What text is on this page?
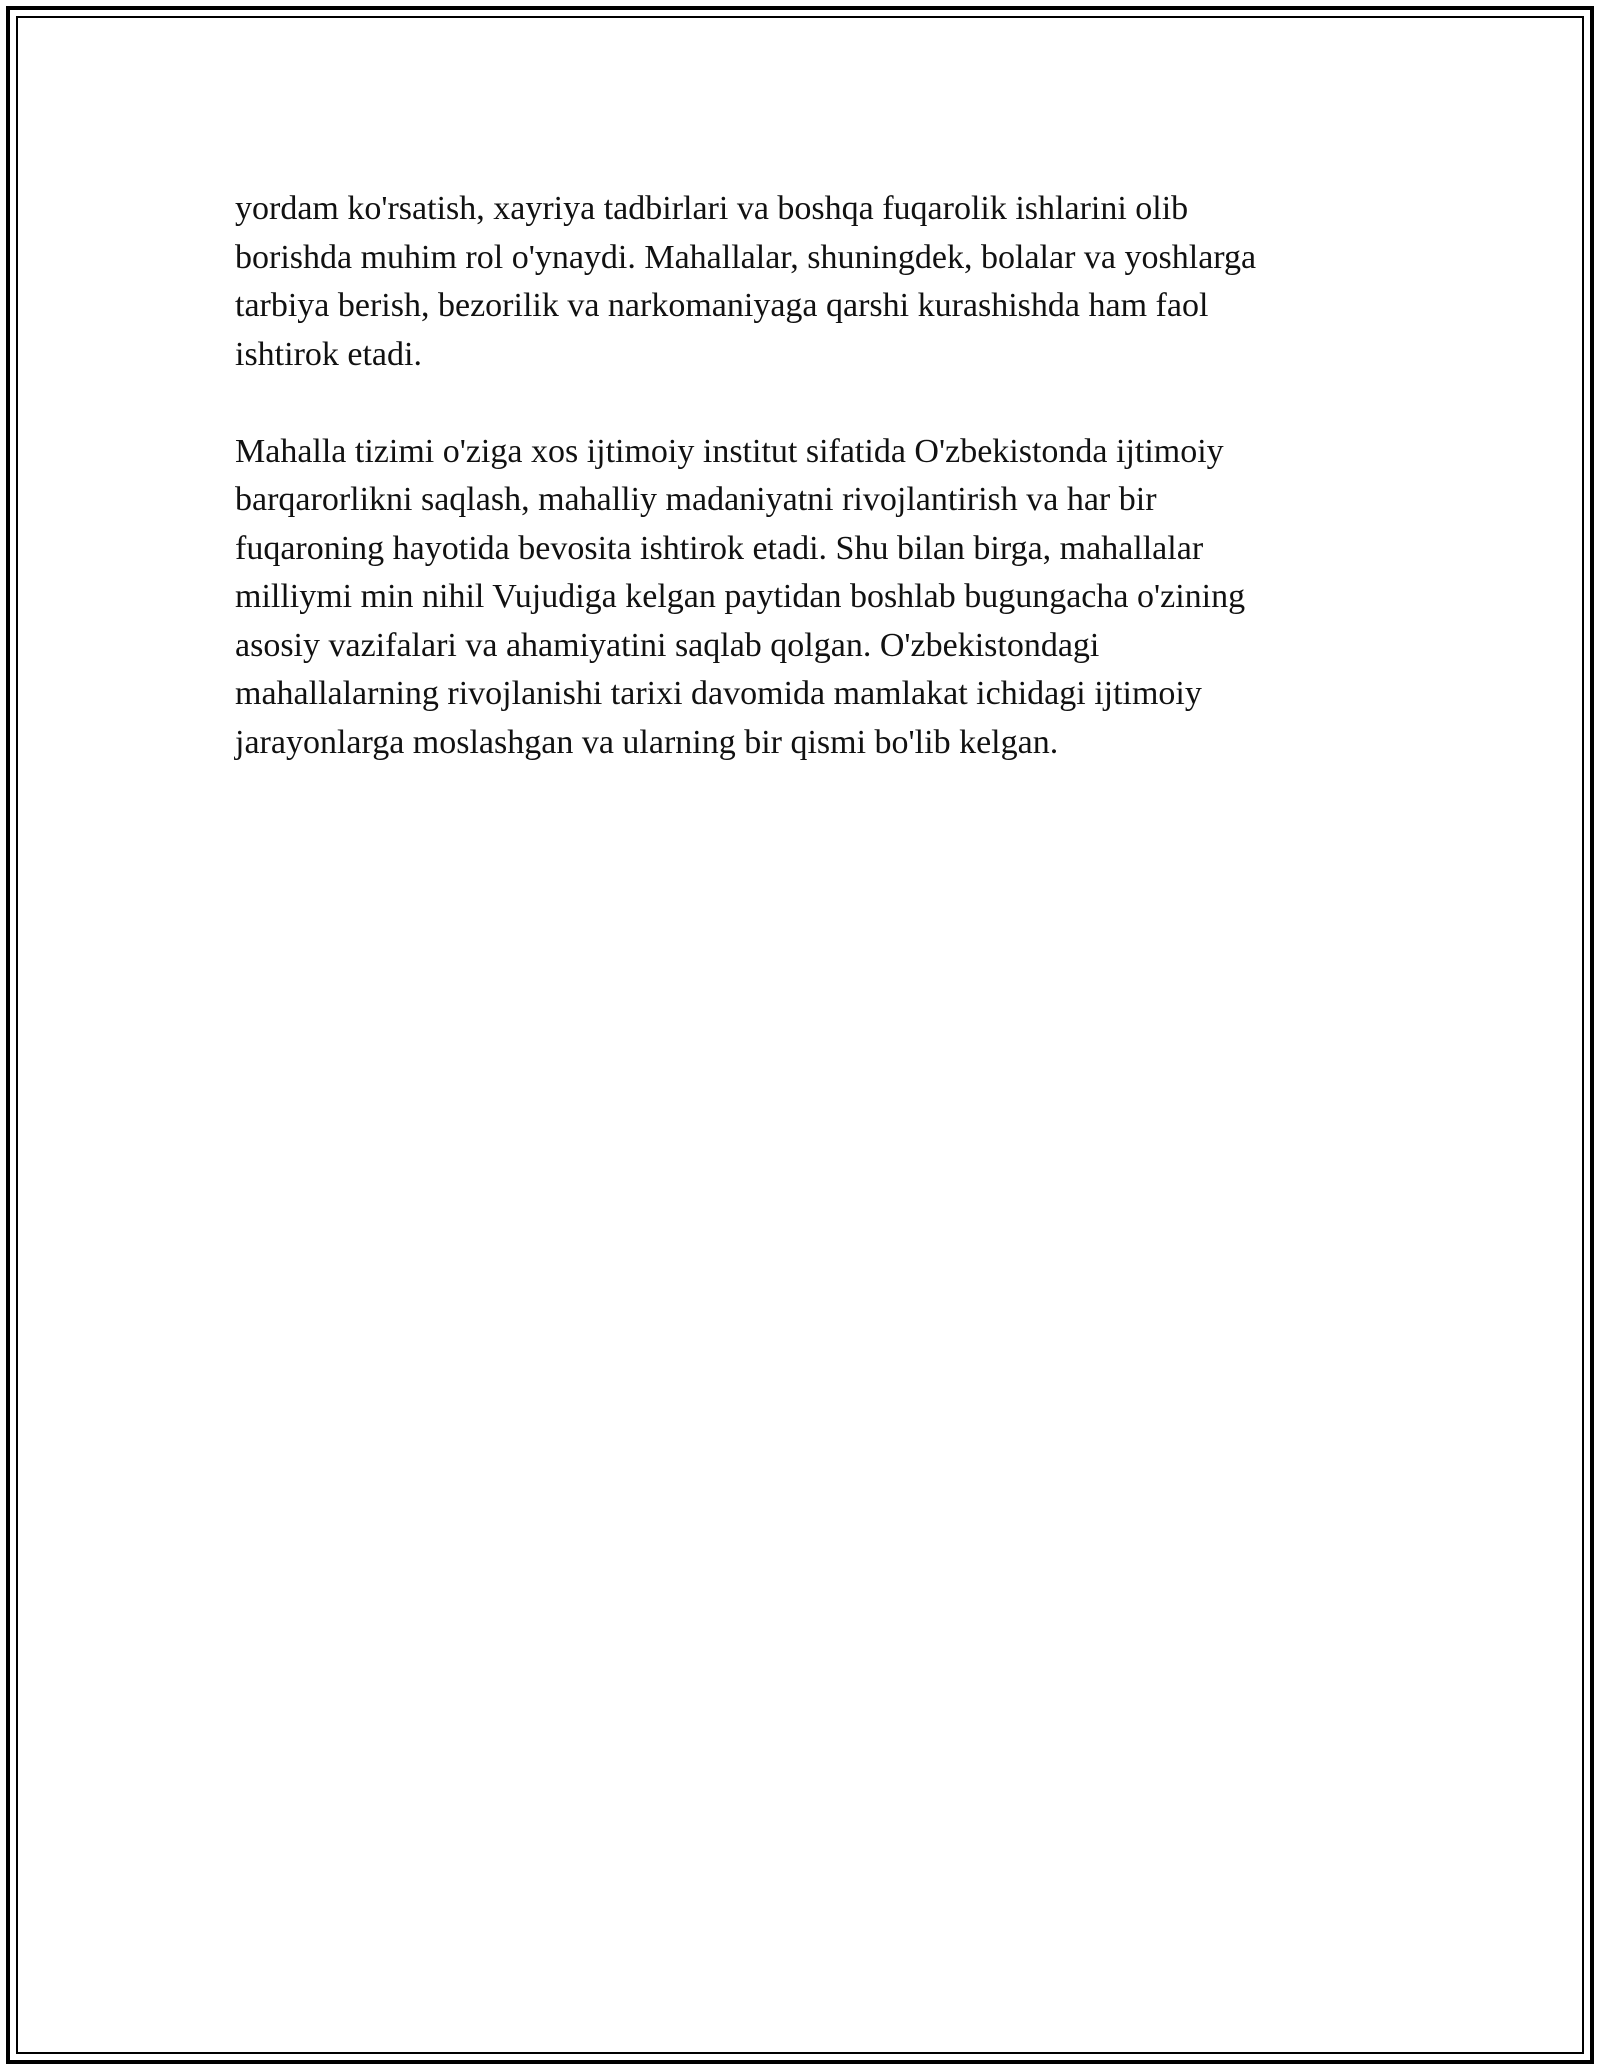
yordam ko'rsatish, xayriya tadbirlari va boshqa fuqarolik ishlarini olib
borishda muhim rol o'ynaydi. Mahallalar, shuningdek, bolalar va yoshlarga
tarbiya berish, bezorilik va narkomaniyaga qarshi kurashishda ham faol
ishtirok etadi.

Mahalla tizimi o'ziga xos ijtimoiy institut sifatida O'zbekistonda ijtimoiy
barqarorlikni saqlash, mahalliy madaniyatni rivojlantirish va har bir
fuqaroning hayotida bevosita ishtirok etadi. Shu bilan birga, mahallalar
milliymi min nihil Vujudiga kelgan paytidan boshlab bugungacha o'zining
asosiy vazifalari va ahamiyatini saqlab qolgan. O'zbekistondagi
mahallalarning rivojlanishi tarixi davomida mamlakat ichidagi ijtimoiy
jarayonlarga moslashgan va ularning bir qismi bo'lib kelgan.
